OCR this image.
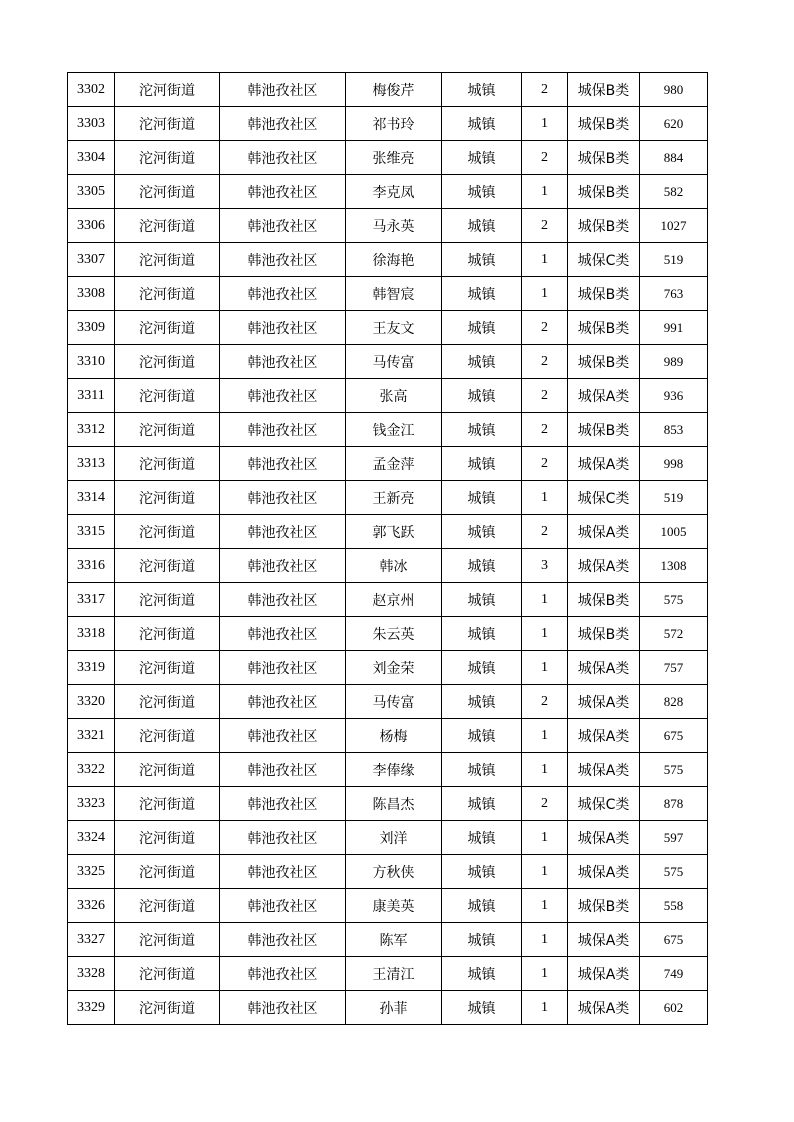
3302	沱河街道	韩池孜社区	梅俊芹	城镇	2	城保B类	980
3303	沱河街道	韩池孜社区	祁书玲	城镇	1	城保B类	620
3304	沱河街道	韩池孜社区	张维亮	城镇	2	城保B类	884
3305	沱河街道	韩池孜社区	李克凤	城镇	1	城保B类	582
3306	沱河街道	韩池孜社区	马永英	城镇	2	城保B类	1027
3307	沱河街道	韩池孜社区	徐海艳	城镇	1	城保C类	519
3308	沱河街道	韩池孜社区	韩智宸	城镇	1	城保B类	763
3309	沱河街道	韩池孜社区	王友文	城镇	2	城保B类	991
3310	沱河街道	韩池孜社区	马传富	城镇	2	城保B类	989
3311	沱河街道	韩池孜社区	张高	城镇	2	城保A类	936
3312	沱河街道	韩池孜社区	钱金江	城镇	2	城保B类	853
3313	沱河街道	韩池孜社区	孟金萍	城镇	2	城保A类	998
3314	沱河街道	韩池孜社区	王新亮	城镇	1	城保C类	519
3315	沱河街道	韩池孜社区	郭飞跃	城镇	2	城保A类	1005
3316	沱河街道	韩池孜社区	韩冰	城镇	3	城保A类	1308
3317	沱河街道	韩池孜社区	赵京州	城镇	1	城保B类	575
3318	沱河街道	韩池孜社区	朱云英	城镇	1	城保B类	572
3319	沱河街道	韩池孜社区	刘金荣	城镇	1	城保A类	757
3320	沱河街道	韩池孜社区	马传富	城镇	2	城保A类	828
3321	沱河街道	韩池孜社区	杨梅	城镇	1	城保A类	675
3322	沱河街道	韩池孜社区	李俸缘	城镇	1	城保A类	575
3323	沱河街道	韩池孜社区	陈昌杰	城镇	2	城保C类	878
3324	沱河街道	韩池孜社区	刘洋	城镇	1	城保A类	597
3325	沱河街道	韩池孜社区	方秋侠	城镇	1	城保A类	575
3326	沱河街道	韩池孜社区	康美英	城镇	1	城保B类	558
3327	沱河街道	韩池孜社区	陈军	城镇	1	城保A类	675
3328	沱河街道	韩池孜社区	王清江	城镇	1	城保A类	749
3329	沱河街道	韩池孜社区	孙菲	城镇	1	城保A类	602
